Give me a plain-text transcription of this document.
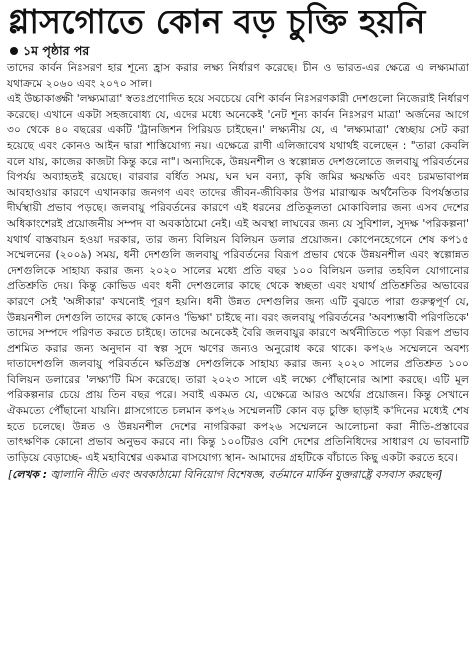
গ্লাসগোতে কোন বড় চুক্তি হয়নি
১ম পৃষ্ঠার পর

তাদের কার্বন নিঃসরণ হার শূন্যে হ্রাস করার লক্ষ্য নির্ধারণ করেছে। চীন ও ভারত-এর ক্ষেত্রে এ লক্ষ্যমাত্রা যথাক্রমে ২০৬০ এবং ২০৭০ সাল।

এই উচ্চাকাঙ্ক্ষী 'লক্ষ্যমাত্রা' স্বতঃপ্রণোদিত হয়ে সবচেয়ে বেশি কার্বন নিঃসরণকারী দেশগুলো নিজেরাই নির্ধারণ করেছে। এখানে একটা সহজবোধ্য যে, এদের মধ্যে অনেকেই 'নেট শূন্য কার্বন নিঃসরণ মাত্রা' অর্জনের আগে ৩০ থেকে ৪০ বছরের একটি 'ট্রানজিশন পিরিয়ড চাইছেন।' লক্ষ্যনীয় যে, এ 'লক্ষ্যমাত্রা' স্বেচ্ছায় সেট করা হয়েছে এবং কোনও আইন দ্বারা শাস্তিযোগ্য নয়। এক্ষেত্রে রাণী এলিজাবেথ যথার্থই বলেছেন : "তারা কেবলি বলে যায়, কাজের কাজটা কিন্তু করে না"। অন্যদিকে, উন্নয়নশীল ও স্বল্পোন্নত দেশগুলোতে জলবায়ু পরিবর্তনের বিপর্যয় অব্যাহতই রয়েছে। বারবার বর্ধিত সময়, ঘন ঘন বন্যা, কৃষি জমির ক্ষয়ক্ষতি এবং চরমভাবাপন্ন আবহাওয়ার কারণে এখানকার জনগণ এবং তাদের জীবন-জীবিকার উপর মারাত্মক অর্থনৈতিক বিপর্যস্ততার দীর্ঘস্থায়ী প্রভাব পড়ছে। জলবায়ু পরিবর্তনের কারণে এই ধরনের প্রতিকূলতা মোকাবিলার জন্য এসব দেশের অধিকাংশেরই প্রয়োজনীয় সম্পদ বা অবকাঠামো নেই। এই অবস্থা লাঘবের জন্য যে সুবিশাল, সুদক্ষ 'পরিকল্পনা' যথার্থ বাস্তবায়ন হওয়া দরকার, তার জন্য বিলিয়ন বিলিয়ন ডলার প্রয়োজন। কোপেনহেগেনে শেষ কপ১৫ সম্মেলনের (২০০৯) সময়, ধনী দেশগুলি জলবায়ু পরিবর্তনের বিরূপ প্রভাব থেকে উন্নয়নশীল এবং স্বল্পোন্নত দেশগুলিকে সাহায্য করার জন্য ২০২০ সালের মধ্যে প্রতি বছর ১০০ বিলিয়ন ডলার তহবিল যোগানোর প্রতিশ্রুতি দেয়। কিন্তু কোভিড এবং ধনী দেশগুলোর কাছে থেকে স্বচ্ছতা এবং যথার্থ প্রতিশ্রুতির অভাবের কারণে সেই 'অঙ্গীকার' কখনোই পূরণ হয়নি। ধনী উন্নত দেশগুলির জন্য এটি বুঝতে পারা গুরুত্বপূর্ণ যে, উন্নয়নশীল দেশগুলি তাদের কাছে কোনও 'ভিক্ষা' চাইছে না। বরং জলবায়ু পরিবর্তনের 'অবশ্যম্ভাবী পরিণতিকে' তাদের সম্পদে পরিণত করতে চাইছে। তাদের অনেকেই বৈরি জলবায়ুর কারণে অর্থনীতিতে পড়া বিরূপ প্রভাব প্রশমিত করার জন্য অনুদান বা স্বল্প সুদে ঋণের জন্যও অনুরোধ করে থাকে। কপ২৬ সম্মেলনে অবশ্য দাতাদেশগুলি জলবায়ু পরিবর্তনে ক্ষতিগ্রস্ত দেশগুলিকে সাহায্য করার জন্য ২০২০ সালের প্রতিশ্রুত ১০০ বিলিয়ন ডলারের 'লক্ষ্য'টি মিস করেছে। তারা ২০২৩ সালে এই লক্ষ্যে পৌঁছানোর আশা করছে। এটি মূল পরিকল্পনার চেয়ে প্রায় তিন বছর পরে। সবাই একমত যে, এক্ষেত্রে আরও অর্থের প্রয়োজন। কিন্তু সেখানে ঐকমত্যে পৌঁছানো যায়নি। গ্লাসগোতে চলমান কপ২৬ সম্মেলনটি কোন বড় চুক্তি ছাড়াই ক'দিনের মধ্যেই শেষ হতে চলেছে। উন্নত ও উন্নয়নশীল দেশের নাগরিকরা কপ২৬ সম্মেলনে আলোচনা করা নীতি-প্রস্তাবের তাৎক্ষণিক কোনো প্রভাব অনুভব করবে না। কিন্তু ১০০টিরও বেশি দেশের প্রতিনিধিদের সাধারণ যে ভাবনাটি তাড়িয়ে বেড়াচ্ছে- এই মহাবিশ্বের একমাত্র বাসযোগ্য স্থান- আমাদের গ্রহটিকে বাঁচাতে কিছু একটা করতে হবে।

[লেখক : জ্বালানি নীতি এবং অবকাঠামো বিনিয়োগ বিশেষজ্ঞ, বর্তমানে মার্কিন যুক্তরাষ্ট্রে বসবাস করছেন]
